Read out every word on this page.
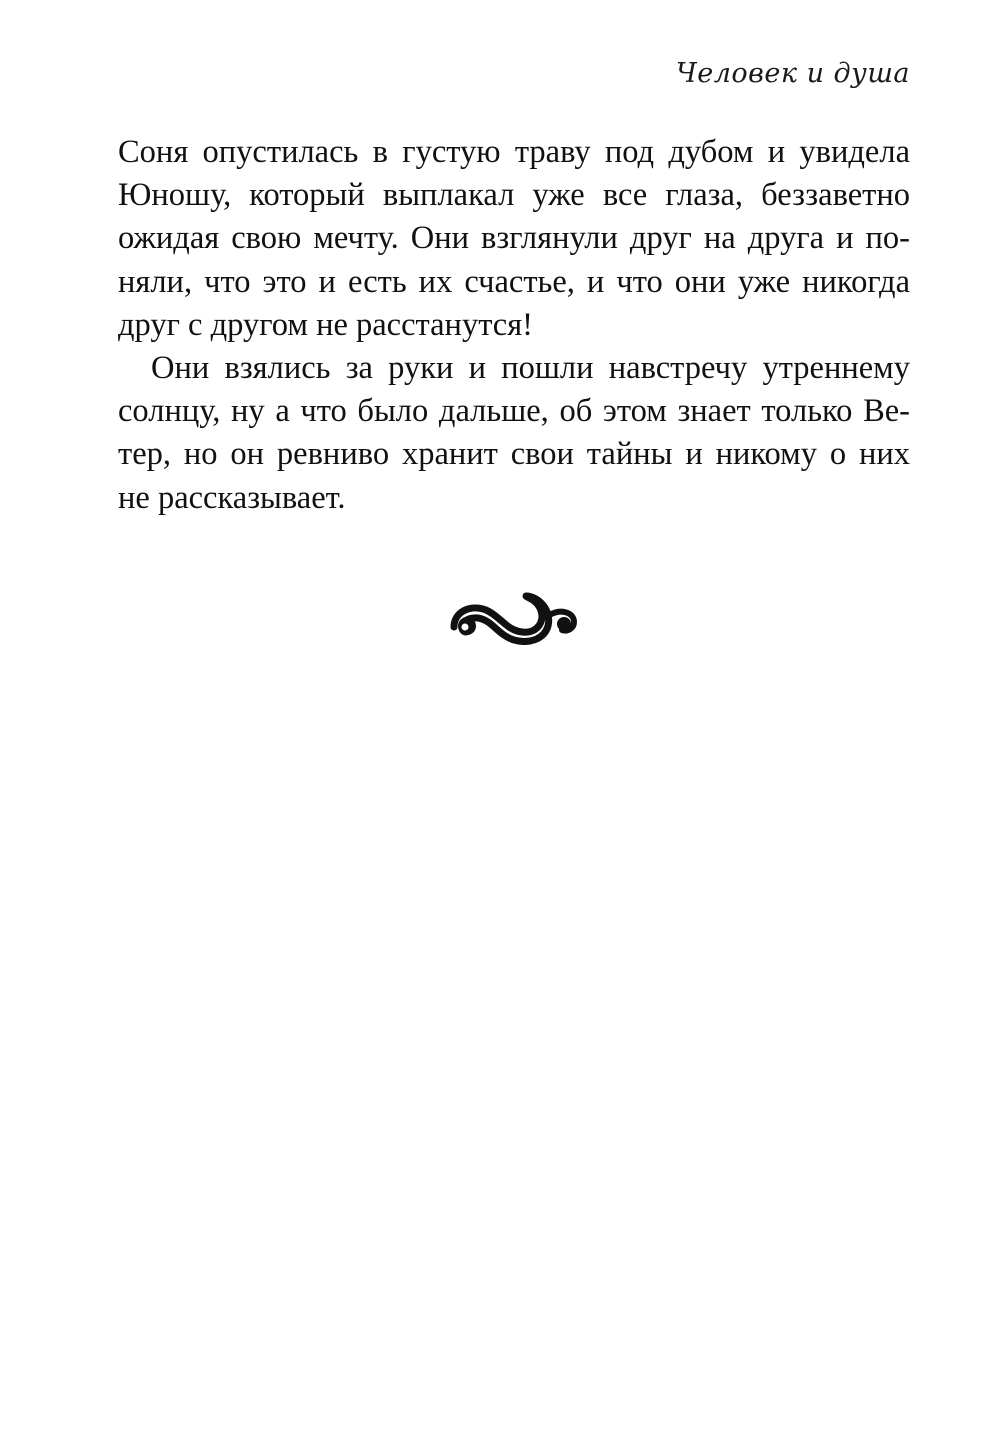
Человек и душа
Соня опустилась в густую траву под дубом и увидела
Юношу, который выплакал уже все глаза, беззаветно
ожидая свою мечту. Они взглянули друг на друга и по-
няли, что это и есть их счастье, и что они уже никогда
друг с другом не расстанутся!
Они взялись за руки и пошли навстречу утреннему
солнцу, ну а что было дальше, об этом знает только Ве-
тер, но он ревниво хранит свои тайны и никому о них
не рассказывает.
